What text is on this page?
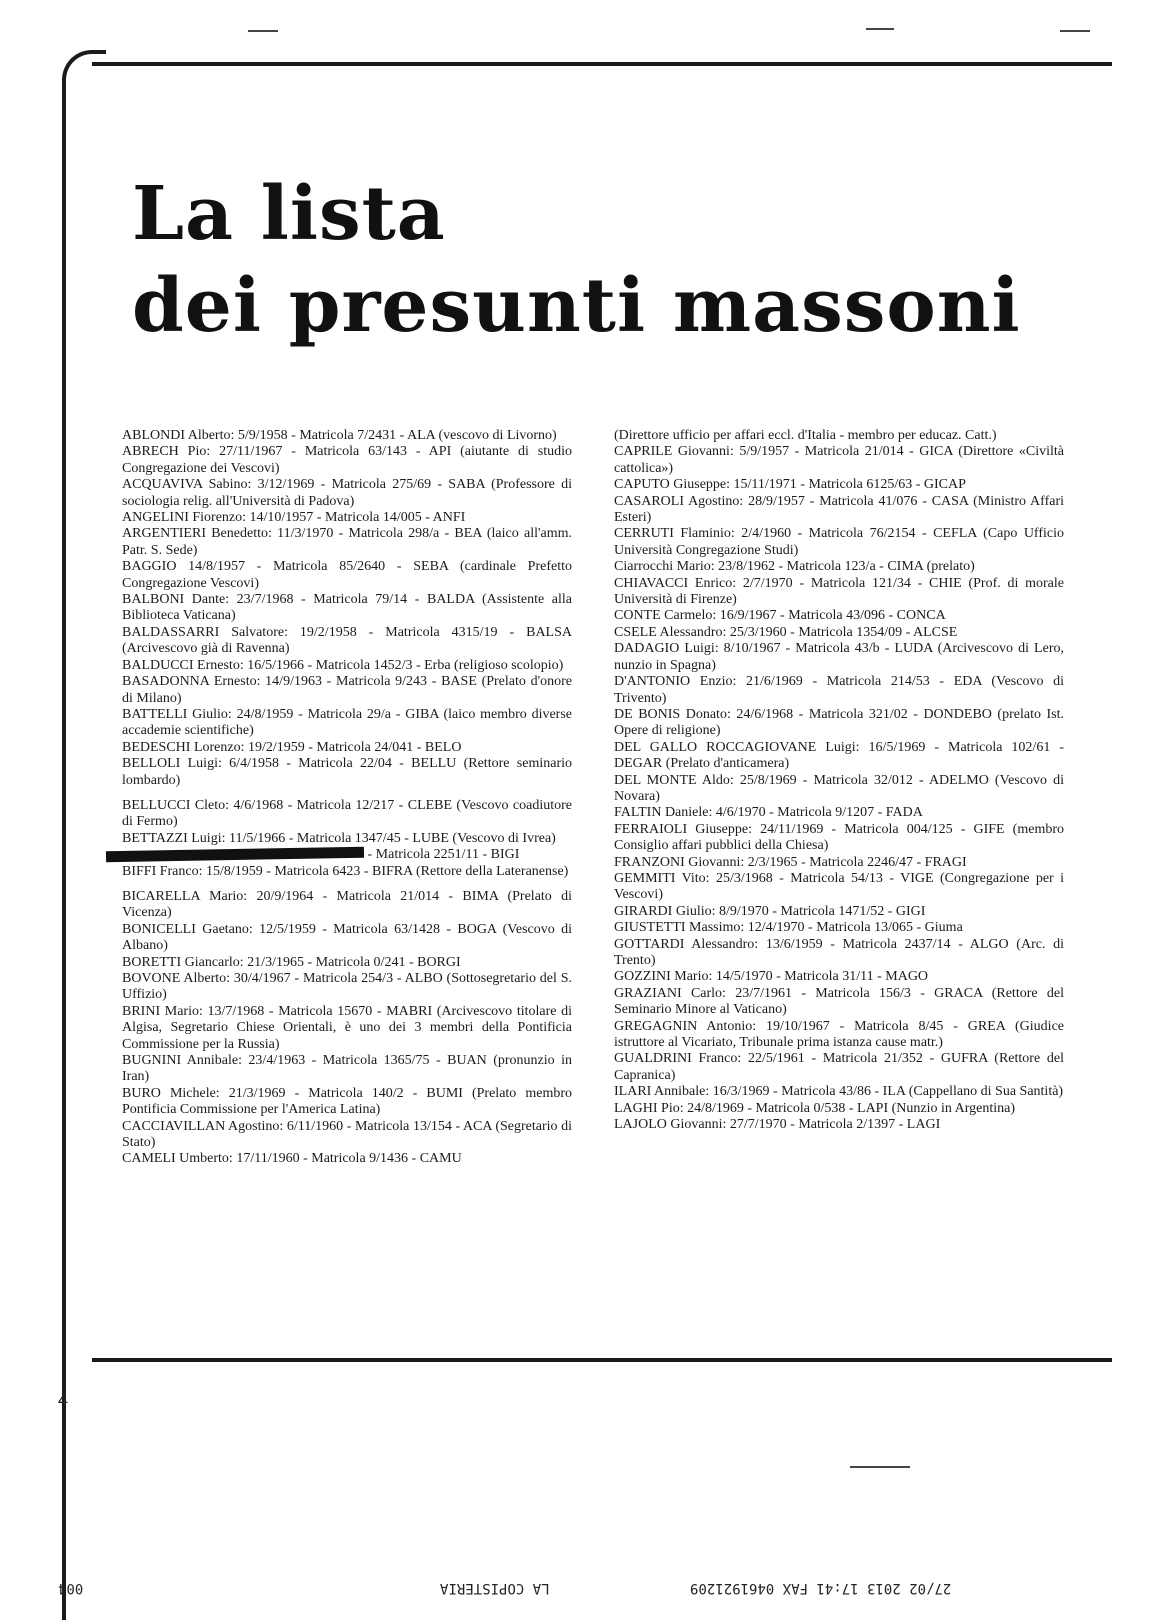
La lista
dei presunti massoni

ABLONDI Alberto: 5/9/1958 - Matricola 7/2431 - ALA (vescovo di Livorno)

ABRECH Pio: 27/11/1967 - Matricola 63/143 - API (aiutante di studio Congregazione dei Vescovi)

ACQUAVIVA Sabino: 3/12/1969 - Matricola 275/69 - SABA (Professore di sociologia relig. all'Università di Padova)

ANGELINI Fiorenzo: 14/10/1957 - Matricola 14/005 - ANFI

ARGENTIERI Benedetto: 11/3/1970 - Matricola 298/a - BEA (laico all'amm. Patr. S. Sede)

BAGGIO 14/8/1957 - Matricola 85/2640 - SEBA (cardinale Prefetto Congregazione Vescovi)

BALBONI Dante: 23/7/1968 - Matricola 79/14 - BALDA (Assistente alla Biblioteca Vaticana)

BALDASSARRI Salvatore: 19/2/1958 - Matricola 4315/19 - BALSA (Arcivescovo già di Ravenna)

BALDUCCI Ernesto: 16/5/1966 - Matricola 1452/3 - Erba (religioso scolopio)

BASADONNA Ernesto: 14/9/1963 - Matricola 9/243 - BASE (Prelato d'onore di Milano)

BATTELLI Giulio: 24/8/1959 - Matricola 29/a - GIBA (laico membro diverse accademie scientifiche)

BEDESCHI Lorenzo: 19/2/1959 - Matricola 24/041 - BELO

BELLOLI Luigi: 6/4/1958 - Matricola 22/04 - BELLU (Rettore seminario lombardo)

BELLUCCI Cleto: 4/6/1968 - Matricola 12/217 - CLEBE (Vescovo coadiutore di Fermo)

BETTAZZI Luigi: 11/5/1966 - Matricola 1347/45 - LUBE (Vescovo di Ivrea)

- Matricola 2251/11 - BIGI

BIFFI Franco: 15/8/1959 - Matricola 6423 - BIFRA (Rettore della Lateranense)

BICARELLA Mario: 20/9/1964 - Matricola 21/014 - BIMA (Prelato di Vicenza)

BONICELLI Gaetano: 12/5/1959 - Matricola 63/1428 - BOGA (Vescovo di Albano)

BORETTI Giancarlo: 21/3/1965 - Matricola 0/241 - BORGI

BOVONE Alberto: 30/4/1967 - Matricola 254/3 - ALBO (Sottosegretario del S. Uffizio)

BRINI Mario: 13/7/1968 - Matricola 15670 - MABRI (Arcivescovo titolare di Algisa, Segretario Chiese Orientali, è uno dei 3 membri della Pontificia Commissione per la Russia)

BUGNINI Annibale: 23/4/1963 - Matricola 1365/75 - BUAN (pronunzio in Iran)

BURO Michele: 21/3/1969 - Matricola 140/2 - BUMI (Prelato membro Pontificia Commissione per l'America Latina)

CACCIAVILLAN Agostino: 6/11/1960 - Matricola 13/154 - ACA (Segretario di Stato)

CAMELI Umberto: 17/11/1960 - Matricola 9/1436 - CAMU

(Direttore ufficio per affari eccl. d'Italia - membro per educaz. Catt.)

CAPRILE Giovanni: 5/9/1957 - Matricola 21/014 - GICA (Direttore «Civiltà cattolica»)

CAPUTO Giuseppe: 15/11/1971 - Matricola 6125/63 - GICAP

CASAROLI Agostino: 28/9/1957 - Matricola 41/076 - CASA (Ministro Affari Esteri)

CERRUTI Flaminio: 2/4/1960 - Matricola 76/2154 - CEFLA (Capo Ufficio Università Congregazione Studi)

Ciarrocchi Mario: 23/8/1962 - Matricola 123/a - CIMA (prelato)

CHIAVACCI Enrico: 2/7/1970 - Matricola 121/34 - CHIE (Prof. di morale Università di Firenze)

CONTE Carmelo: 16/9/1967 - Matricola 43/096 - CONCA

CSELE Alessandro: 25/3/1960 - Matricola 1354/09 - ALCSE

DADAGIO Luigi: 8/10/1967 - Matricola 43/b - LUDA (Arcivescovo di Lero, nunzio in Spagna)

D'ANTONIO Enzio: 21/6/1969 - Matricola 214/53 - EDA (Vescovo di Trivento)

DE BONIS Donato: 24/6/1968 - Matricola 321/02 - DONDEBO (prelato Ist. Opere di religione)

DEL GALLO ROCCAGIOVANE Luigi: 16/5/1969 - Matricola 102/61 - DEGAR (Prelato d'anticamera)

DEL MONTE Aldo: 25/8/1969 - Matricola 32/012 - ADELMO (Vescovo di Novara)

FALTIN Daniele: 4/6/1970 - Matricola 9/1207 - FADA

FERRAIOLI Giuseppe: 24/11/1969 - Matricola 004/125 - GIFE (membro Consiglio affari pubblici della Chiesa)

FRANZONI Giovanni: 2/3/1965 - Matricola 2246/47 - FRAGI

GEMMITI Vito: 25/3/1968 - Matricola 54/13 - VIGE (Congregazione per i Vescovi)

GIRARDI Giulio: 8/9/1970 - Matricola 1471/52 - GIGI

GIUSTETTI Massimo: 12/4/1970 - Matricola 13/065 - Giuma

GOTTARDI Alessandro: 13/6/1959 - Matricola 2437/14 - ALGO (Arc. di Trento)

GOZZINI Mario: 14/5/1970 - Matricola 31/11 - MAGO

GRAZIANI Carlo: 23/7/1961 - Matricola 156/3 - GRACA (Rettore del Seminario Minore al Vaticano)

GREGAGNIN Antonio: 19/10/1967 - Matricola 8/45 - GREA (Giudice istruttore al Vicariato, Tribunale prima istanza cause matr.)

GUALDRINI Franco: 22/5/1961 - Matricola 21/352 - GUFRA (Rettore del Capranica)

ILARI Annibale: 16/3/1969 - Matricola 43/86 - ILA (Cappellano di Sua Santità)

LAGHI Pio: 24/8/1969 - Matricola 0/538 - LAPI (Nunzio in Argentina)

LAJOLO Giovanni: 27/7/1970 - Matricola 2/1397 - LAGI

4
004	LA COPISTERIA	27/02 2013 17:41 FAX 0461921209
